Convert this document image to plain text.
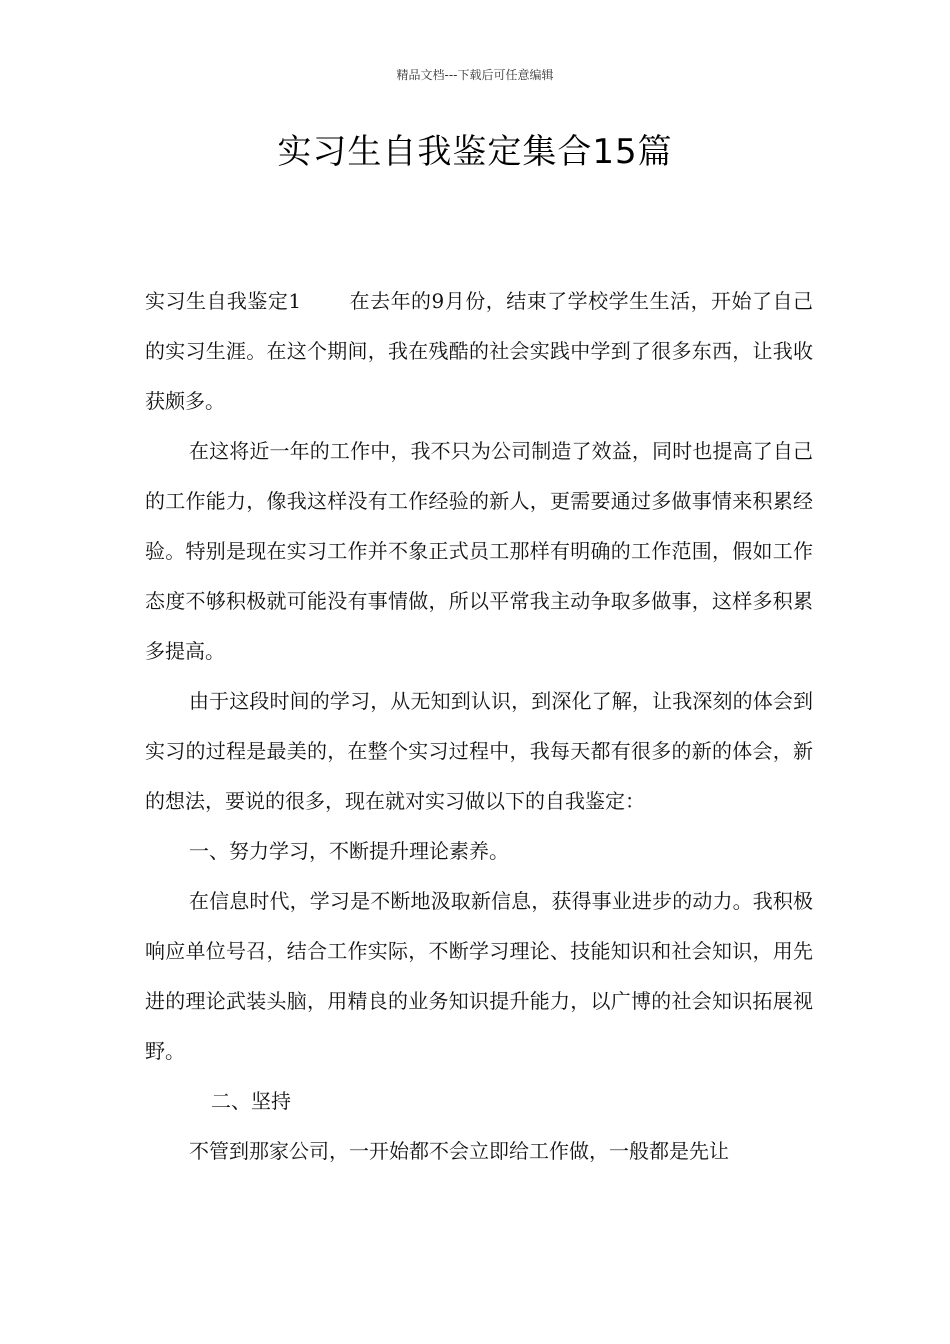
精品文档---下载后可任意编辑
实习生自我鉴定集合15篇

实习生自我鉴定1 在去年的9月份，结束了学校学生生活，开始了自己的实习生涯。在这个期间，我在残酷的社会实践中学到了很多东西，让我收获颇多。

在这将近一年的工作中，我不只为公司制造了效益，同时也提高了自己的工作能力，像我这样没有工作经验的新人，更需要通过多做事情来积累经验。特别是现在实习工作并不象正式员工那样有明确的工作范围，假如工作态度不够积极就可能没有事情做，所以平常我主动争取多做事，这样多积累多提高。

由于这段时间的学习，从无知到认识，到深化了解，让我深刻的体会到实习的过程是最美的，在整个实习过程中，我每天都有很多的新的体会，新的想法，要说的很多，现在就对实习做以下的自我鉴定：

一、努力学习，不断提升理论素养。

在信息时代，学习是不断地汲取新信息，获得事业进步的动力。我积极响应单位号召，结合工作实际，不断学习理论、技能知识和社会知识，用先进的理论武装头脑，用精良的业务知识提升能力，以广博的社会知识拓展视野。

二、坚持

不管到那家公司，一开始都不会立即给工作做，一般都是先让
